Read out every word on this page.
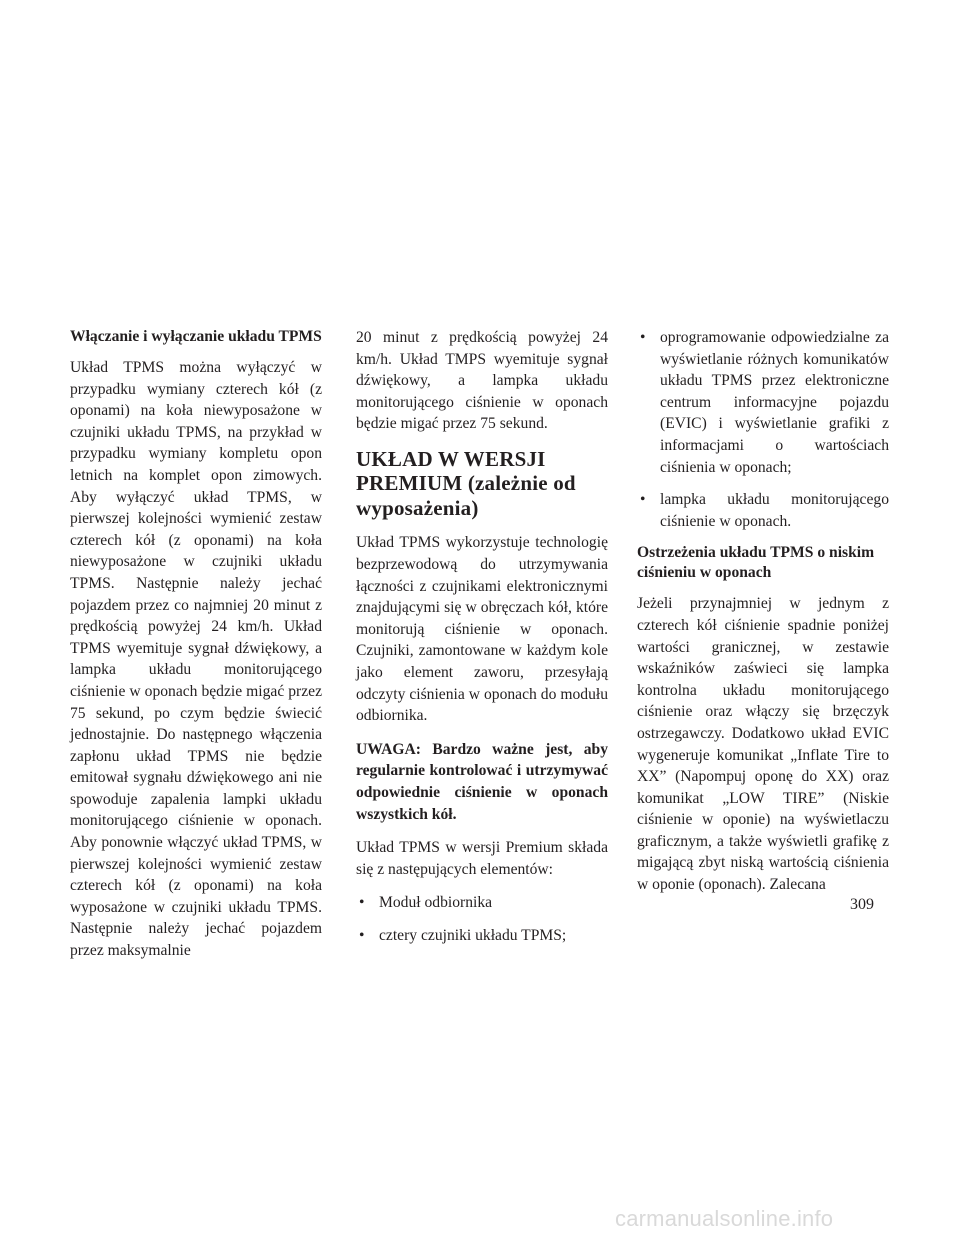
Włączanie i wyłączanie układu TPMS

Układ TPMS można wyłączyć w przypadku wymiany czterech kół (z oponami) na koła niewyposażone w czujniki układu TPMS, na przykład w przypadku wymiany kompletu opon letnich na komplet opon zimowych. Aby wyłączyć układ TPMS, w pierwszej kolejności wymienić zestaw czterech kół (z oponami) na koła niewyposażone w czujniki układu TPMS. Następnie należy jechać pojazdem przez co najmniej 20 minut z prędkością powyżej 24 km/h. Układ TPMS wyemituje sygnał dźwiękowy, a lampka układu monitorującego ciśnienie w oponach będzie migać przez 75 sekund, po czym będzie świecić jednostajnie. Do następnego włączenia zapłonu układ TPMS nie będzie emitował sygnału dźwiękowego ani nie spowoduje zapalenia lampki układu monitorującego ciśnienie w oponach. Aby ponownie włączyć układ TPMS, w pierwszej kolejności wymienić zestaw czterech kół (z oponami) na koła wyposażone w czujniki układu TPMS. Następnie należy jechać pojazdem przez maksymalnie

20 minut z prędkością powyżej 24 km/h. Układ TMPS wyemituje sygnał dźwiękowy, a lampka układu monitorującego ciśnienie w oponach będzie migać przez 75 sekund.

UKŁAD W WERSJI PREMIUM (zależnie od wyposażenia)

Układ TPMS wykorzystuje technologię bezprzewodową do utrzymywania łączności z czujnikami elektronicznymi znajdującymi się w obręczach kół, które monitorują ciśnienie w oponach. Czujniki, zamontowane w każdym kole jako element zaworu, przesyłają odczyty ciśnienia w oponach do modułu odbiornika.

UWAGA: Bardzo ważne jest, aby regularnie kontrolować i utrzymywać odpowiednie ciśnienie w oponach wszystkich kół.

Układ TPMS w wersji Premium składa się z następujących elementów:

• Moduł odbiornika
• cztery czujniki układu TPMS;
• oprogramowanie odpowiedzialne za wyświetlanie różnych komunikatów układu TPMS przez elektroniczne centrum informacyjne pojazdu (EVIC) i wyświetlanie grafiki z informacjami o wartościach ciśnienia w oponach;
• lampka układu monitorującego ciśnienie w oponach.

Ostrzeżenia układu TPMS o niskim ciśnieniu w oponach

Jeżeli przynajmniej w jednym z czterech kół ciśnienie spadnie poniżej wartości granicznej, w zestawie wskaźników zaświeci się lampka kontrolna układu monitorującego ciśnienie oraz włączy się brzęczyk ostrzegawczy. Dodatkowo układ EVIC wygeneruje komunikat „Inflate Tire to XX” (Napompuj oponę do XX) oraz komunikat „LOW TIRE” (Niskie ciśnienie w oponie) na wyświetlaczu graficznym, a także wyświetli grafikę z migającą zbyt niską wartością ciśnienia w oponie (oponach). Zalecana

309
carmanualsonline.info
